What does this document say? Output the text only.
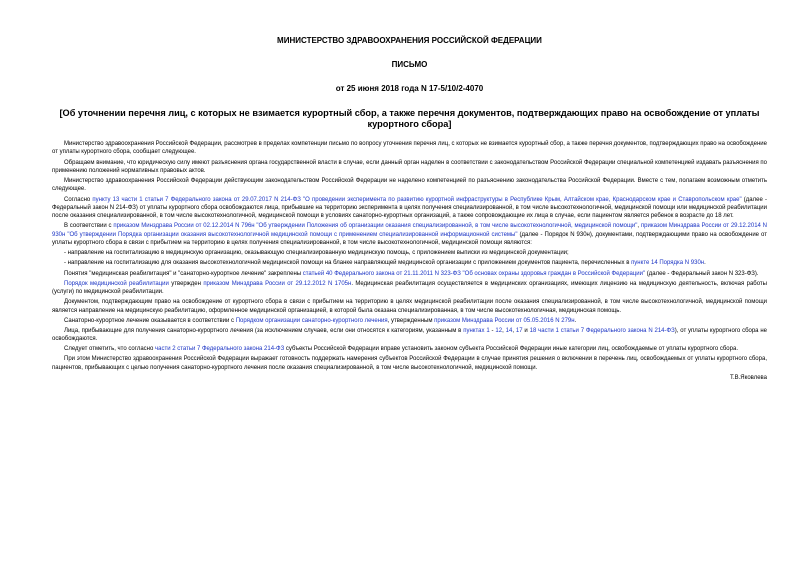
МИНИСТЕРСТВО ЗДРАВООХРАНЕНИЯ РОССИЙСКОЙ ФЕДЕРАЦИИ
ПИСЬМО
от 25 июня 2018 года N 17-5/10/2-4070
[Об уточнении перечня лиц, с которых не взимается курортный сбор, а также перечня документов, подтверждающих право на освобождение от уплаты курортного сбора]

Министерство здравоохранения Российской Федерации, рассмотрев в пределах компетенции письмо по вопросу уточнения перечня лиц, с которых не взимается курортный сбор, а также перечня документов, подтверждающих право на освобождение от уплаты курортного сбора, сообщает следующее.

Обращаем внимание, что юридическую силу имеют разъяснения органа государственной власти в случае, если данный орган наделен в соответствии с законодательством Российской Федерации специальной компетенцией издавать разъяснения по применению положений нормативных правовых актов.

Министерство здравоохранения Российской Федерации действующим законодательством Российской Федерации не наделено компетенцией по разъяснению законодательства Российской Федерации. Вместе с тем, полагаем возможным отметить следующее.

Согласно пункту 13 части 1 статьи 7 Федерального закона от 29.07.2017 N 214-ФЗ "О проведении эксперимента по развитию курортной инфраструктуры в Республике Крым, Алтайском крае, Краснодарском крае и Ставропольском крае" (далее - Федеральный закон N 214-ФЗ) от уплаты курортного сбора освобождаются лица, прибывшие на территорию эксперимента в целях получения специализированной, в том числе высокотехнологичной, медицинской помощи или медицинской реабилитации после оказания специализированной, в том числе высокотехнологичной, медицинской помощи в условиях санаторно-курортных организаций, а также сопровождающие их лица в случае, если пациентом является ребенок в возрасте до 18 лет.

В соответствии с приказом Минздрава России от 02.12.2014 N 796н "Об утверждении Положения об организации оказания специализированной, в том числе высокотехнологичной, медицинской помощи", приказом Минздрава России от 29.12.2014 N 930н "Об утверждении Порядка организации оказания высокотехнологичной медицинской помощи с применением специализированной информационной системы" (далее - Порядок N 930н), документами, подтверждающими право на освобождение от уплаты курортного сбора в связи с прибытием на территорию в целях получения специализированной, в том числе высокотехнологичной, медицинской помощи являются:

- направление на госпитализацию в медицинскую организацию, оказывающую специализированную медицинскую помощь, с приложением выписки из медицинской документации;

- направление на госпитализацию для оказания высокотехнологичной медицинской помощи на бланке направляющей медицинской организации с приложением документов пациента, перечисленных в пункте 14 Порядка N 930н.

Понятия "медицинская реабилитация" и "санаторно-курортное лечение" закреплены статьей 40 Федерального закона от 21.11.2011 N 323-ФЗ "Об основах охраны здоровья граждан в Российской Федерации" (далее - Федеральный закон N 323-ФЗ).

Порядок медицинской реабилитации утвержден приказом Минздрава России от 29.12.2012 N 1705н. Медицинская реабилитация осуществляется в медицинских организациях, имеющих лицензию на медицинскую деятельность, включая работы (услуги) по медицинской реабилитации.

Документом, подтверждающим право на освобождение от курортного сбора в связи с прибытием на территорию в целях медицинской реабилитации после оказания специализированной, в том числе высокотехнологичной, медицинской помощи является направление на медицинскую реабилитацию, оформленное медицинской организацией, в которой была оказана специализированная, в том числе высокотехнологичная, медицинская помощь.

Санаторно-курортное лечение оказывается в соответствии с Порядком организации санаторно-курортного лечения, утвержденным приказом Минздрава России от 05.05.2016 N 279н.

Лица, прибывающие для получения санаторно-курортного лечения (за исключением случаев, если они относятся к категориям, указанным в пунктах 1 - 12, 14, 17 и 18 части 1 статьи 7 Федерального закона N 214-ФЗ), от уплаты курортного сбора не освобождаются.

Следует отметить, что согласно части 2 статьи 7 Федерального закона 214-ФЗ субъекты Российской Федерации вправе установить законом субъекта Российской Федерации иные категории лиц, освобождаемые от уплаты курортного сбора.

При этом Министерство здравоохранения Российской Федерации выражает готовность поддержать намерения субъектов Российской Федерации в случае принятия решения о включении в перечень лиц, освобождаемых от уплаты курортного сбора, пациентов, прибывающих с целью получения санаторно-курортного лечения после оказания специализированной, в том числе высокотехнологичной, медицинской помощи.

Т.В.Яковлева
